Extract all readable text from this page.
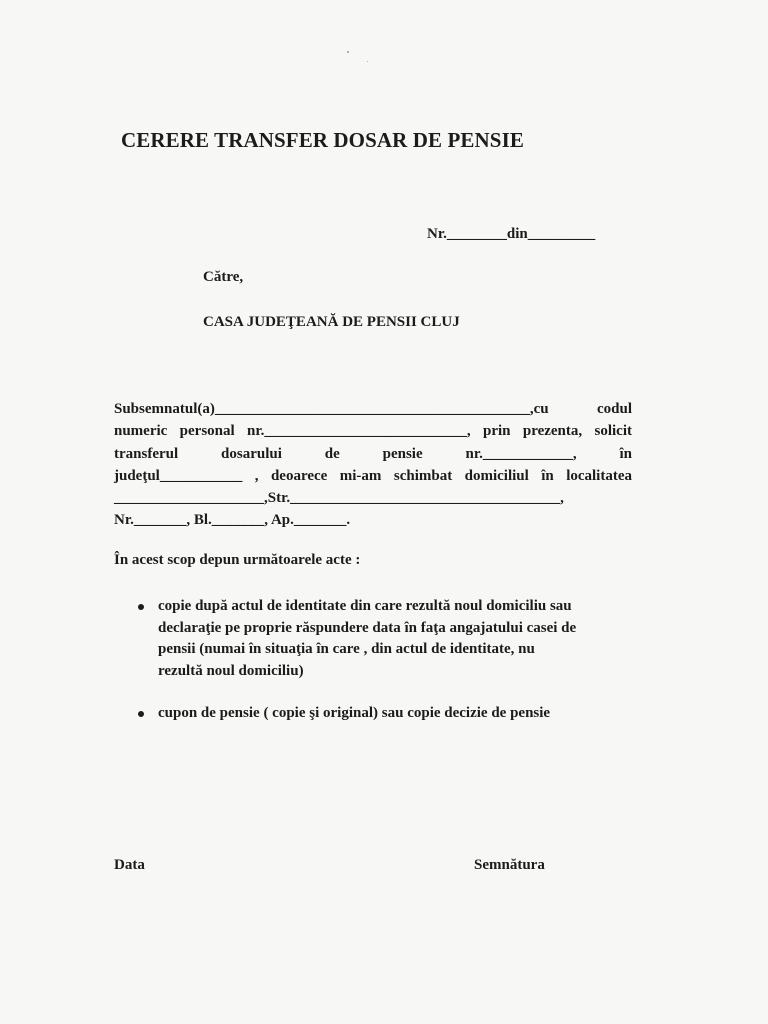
CERERE TRANSFER DOSAR DE PENSIE
Nr.________din_________
Către,
CASA JUDEŢEANĂ DE PENSII CLUJ
Subsemnatul(a)__________________________________________,cu codul
numeric personal nr.___________________________, prin prezenta, solicit
transferul dosarului de pensie nr.____________, în
judeţul___________ , deoarece mi-am schimbat domiciliul în localitatea
____________________,Str.____________________________________,
Nr._______, Bl._______, Ap._______.
În acest scop depun următoarele acte :
copie după actul de identitate din care rezultă noul domiciliu sau
declaraţie pe proprie răspundere data în faţa angajatului casei de
pensii (numai în situaţia în care , din actul de identitate, nu
rezultă noul domiciliu)
cupon de pensie ( copie şi original) sau copie decizie de pensie
Data	Semnătura
